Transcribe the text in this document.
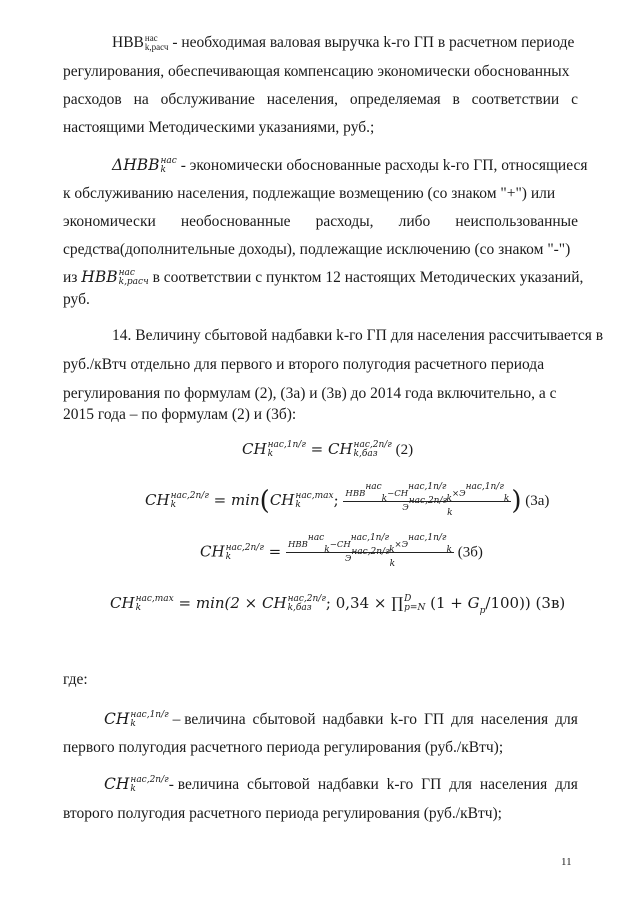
НВВ нас
k,расч - необходимая валовая выручка k-го ГП в расчетном периоде
регулирования, обеспечивающая компенсацию экономически обоснованных
расходов на обслуживание населения, определяемая в соответствии с
настоящими Методическими указаниями, руб.;
ΔНВВ нас
k - экономически обоснованные расходы k-го ГП, относящиеся
к обслуживанию населения, подлежащие возмещению (со знаком "+") или
экономически необоснованные расходы, либо неиспользованные
средства(дополнительные доходы), подлежащие исключению (со знаком "-")
из НВВ нас
k,расч в соответствии с пунктом 12 настоящих Методических указаний,
руб.
14. Величину сбытовой надбавки k-го ГП для населения рассчитывается в
руб./кВтч отдельно для первого и второго полугодия расчетного периода
регулирования по формулам (2), (3а) и (3в) до 2014 года включительно, а с
2015 года – по формулам (2) и (3б):
СН нас,1п/г
k	= СН нас,2п/г
k,баз (2)
СН нас,2п/г
k	= min(СН нас,max
k	; $\frac{\text{НВВнасk−СНнас,1п/гk×Энас,1п/гk}}{\text{Энас,2п/гk}}$ ) (3а)
СН нас,2п/г
k	= $\frac{\text{НВВнасk−СНнас,1п/гk×Энас,1п/гk}}{\text{Энас,2п/гk}} (3б)$
СН нас,max
k	= min(2 × СН нас,2п/г
k,баз ; 0,34 × ∏ D
p=N $(1 + G_p/100)$) (3в)
где:
СН нас,1п/г
k	– величина сбытовой надбавки k-го ГП для населения для
первого полугодия расчетного периода регулирования (руб./кВтч);
СН нас,2п/г
k	- величина сбытовой надбавки k-го ГП для населения для
второго полугодия расчетного периода регулирования (руб./кВтч);
11
